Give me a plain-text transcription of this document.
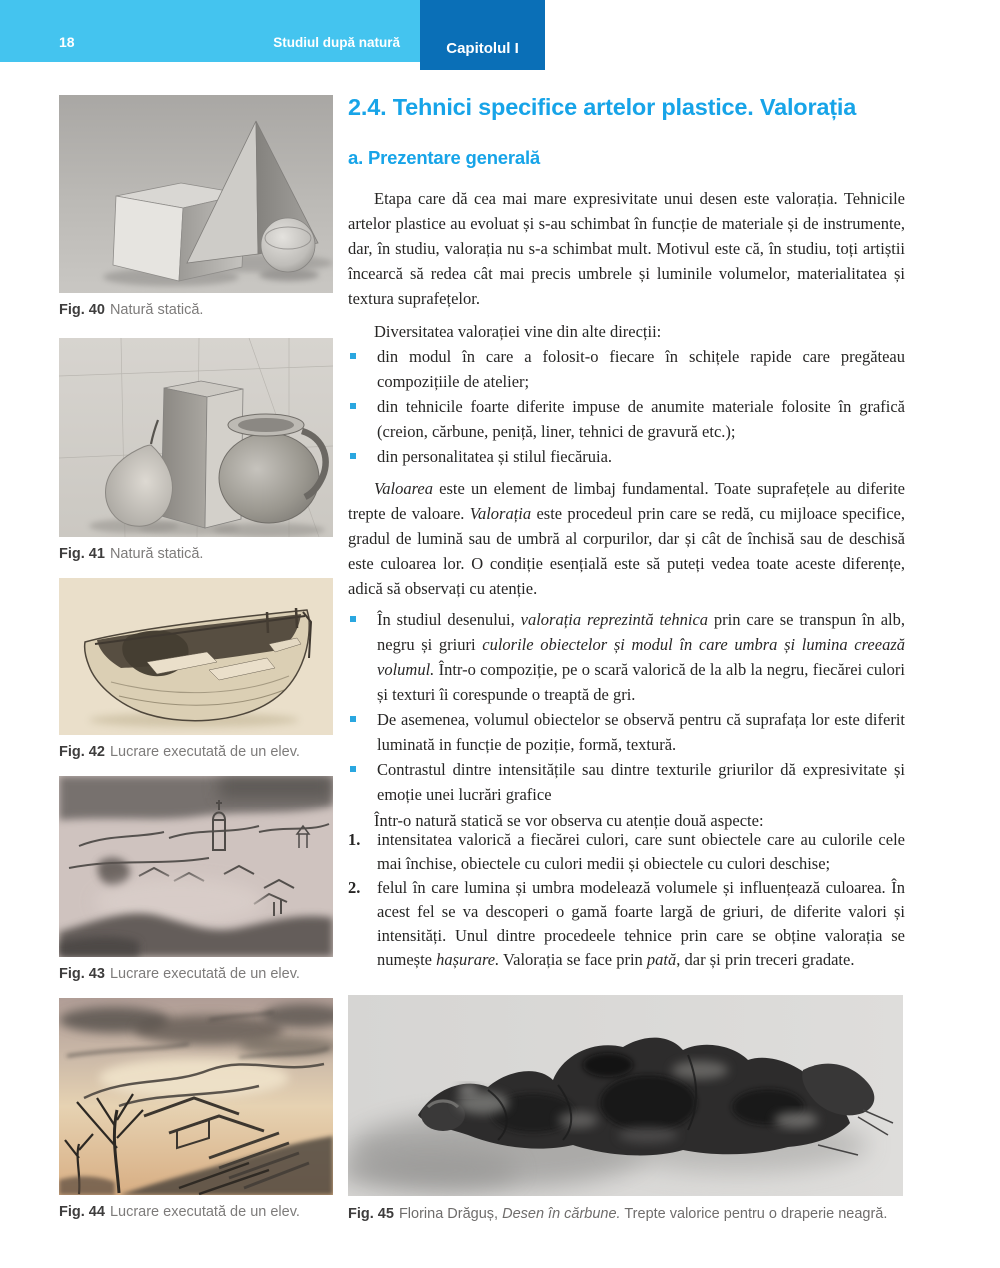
18	Studiul după natură	Capitolul I
Fig. 40 Natură statică.
Fig. 41 Natură statică.
Fig. 42 Lucrare executată de un elev.
Fig. 43 Lucrare executată de un elev.
Fig. 44 Lucrare executată de un elev.
2.4. Tehnici specifice artelor plastice. Valorația
a. Prezentare generală

Etapa care dă cea mai mare expresivitate unui desen este valorația. Tehnicile artelor plastice au evoluat și s-au schimbat în funcție de materiale și de instrumente, dar, în studiu, valorația nu s-a schimbat mult. Motivul este că, în studiu, toți artiștii încearcă să redea cât mai precis umbrele și luminile volumelor, materialitatea și textura suprafețelor.

Diversitatea valorației vine din alte direcții:

din modul în care a folosit-o fiecare în schițele rapide care pregăteau compozițiile de atelier;
din tehnicile foarte diferite impuse de anumite materiale folosite în grafică (creion, cărbune, peniță, liner, tehnici de gravură etc.);
din personalitatea și stilul fiecăruia.

Valoarea este un element de limbaj fundamental. Toate suprafețele au diferite trepte de valoare. Valorația este procedeul prin care se redă, cu mijloace specifice, gradul de lumină sau de umbră al corpurilor, dar și cât de închisă sau de deschisă este culoarea lor. O condiție esențială este să puteți vedea toate aceste diferențe, adică să observați cu atenție.

În studiul desenului, valorația reprezintă tehnica prin care se transpun în alb, negru și griuri culorile obiectelor și modul în care umbra și lumina creează volumul. Într-o compoziție, pe o scară valorică de la alb la negru, fiecărei culori și texturi îi corespunde o treaptă de gri.
De asemenea, volumul obiectelor se observă pentru că suprafața lor este diferit luminată in funcție de poziție, formă, textură.
Contrastul dintre intensitățile sau dintre texturile griurilor dă expresivitate și emoție unei lucrări grafice

Într-o natură statică se vor observa cu atenție două aspecte:

1. intensitatea valorică a fiecărei culori, care sunt obiectele care au culorile cele mai închise, obiectele cu culori medii și obiectele cu culori deschise;
2. felul în care lumina și umbra modelează volumele și influențează culoarea. În acest fel se va descoperi o gamă foarte largă de griuri, de diferite valori și intensități. Unul dintre procedeele tehnice prin care se obține valorația se numește hașurare. Valorația se face prin pată, dar și prin treceri gradate.
Fig. 45 Florina Drăguș, Desen în cărbune. Trepte valorice pentru o draperie neagră.
